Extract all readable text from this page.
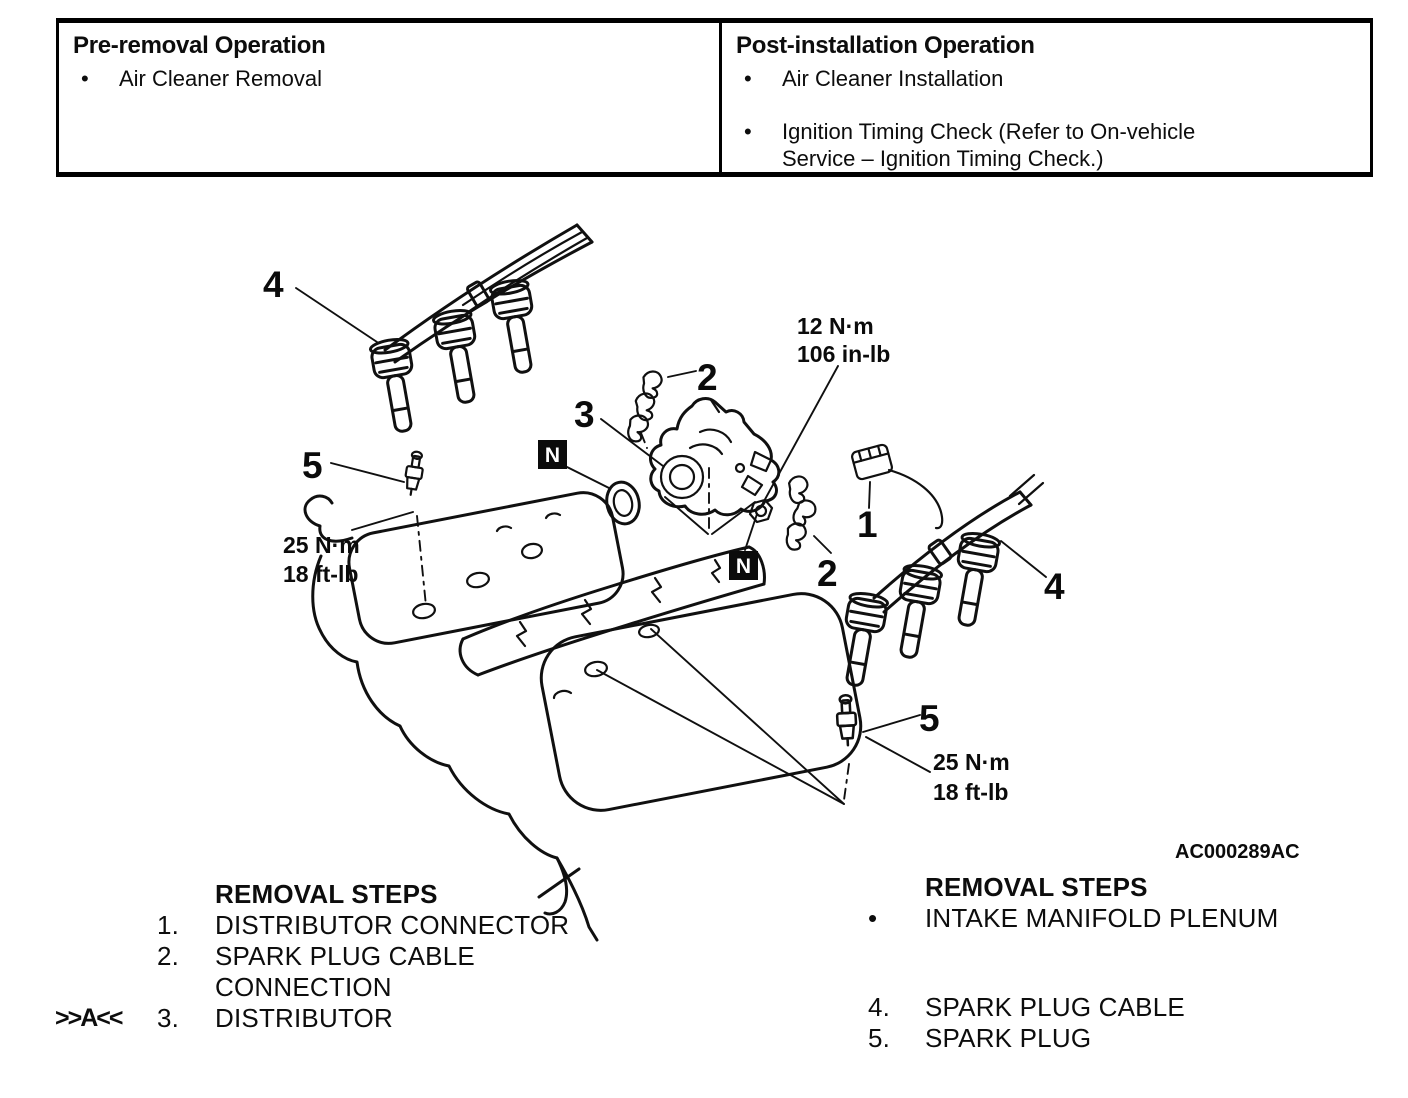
Pre-removal Operation
•	Air Cleaner Removal
Post-installation Operation
•	Air Cleaner Installation
•	Ignition Timing Check (Refer to On-vehicle
Service – Ignition Timing Check.)
N
N
4
2
3
5
1
2	4
5
12 N·m
106 in-lb
25 N·m
18 ft-lb
25 N·m
18 ft-lb
AC000289AC
REMOVAL STEPS
1.	DISTRIBUTOR CONNECTOR
2.	SPARK PLUG CABLE
CONNECTION
>>A<<	3.	DISTRIBUTOR
REMOVAL STEPS
•	INTAKE MANIFOLD PLENUM
4.	SPARK PLUG CABLE
5.	SPARK PLUG
